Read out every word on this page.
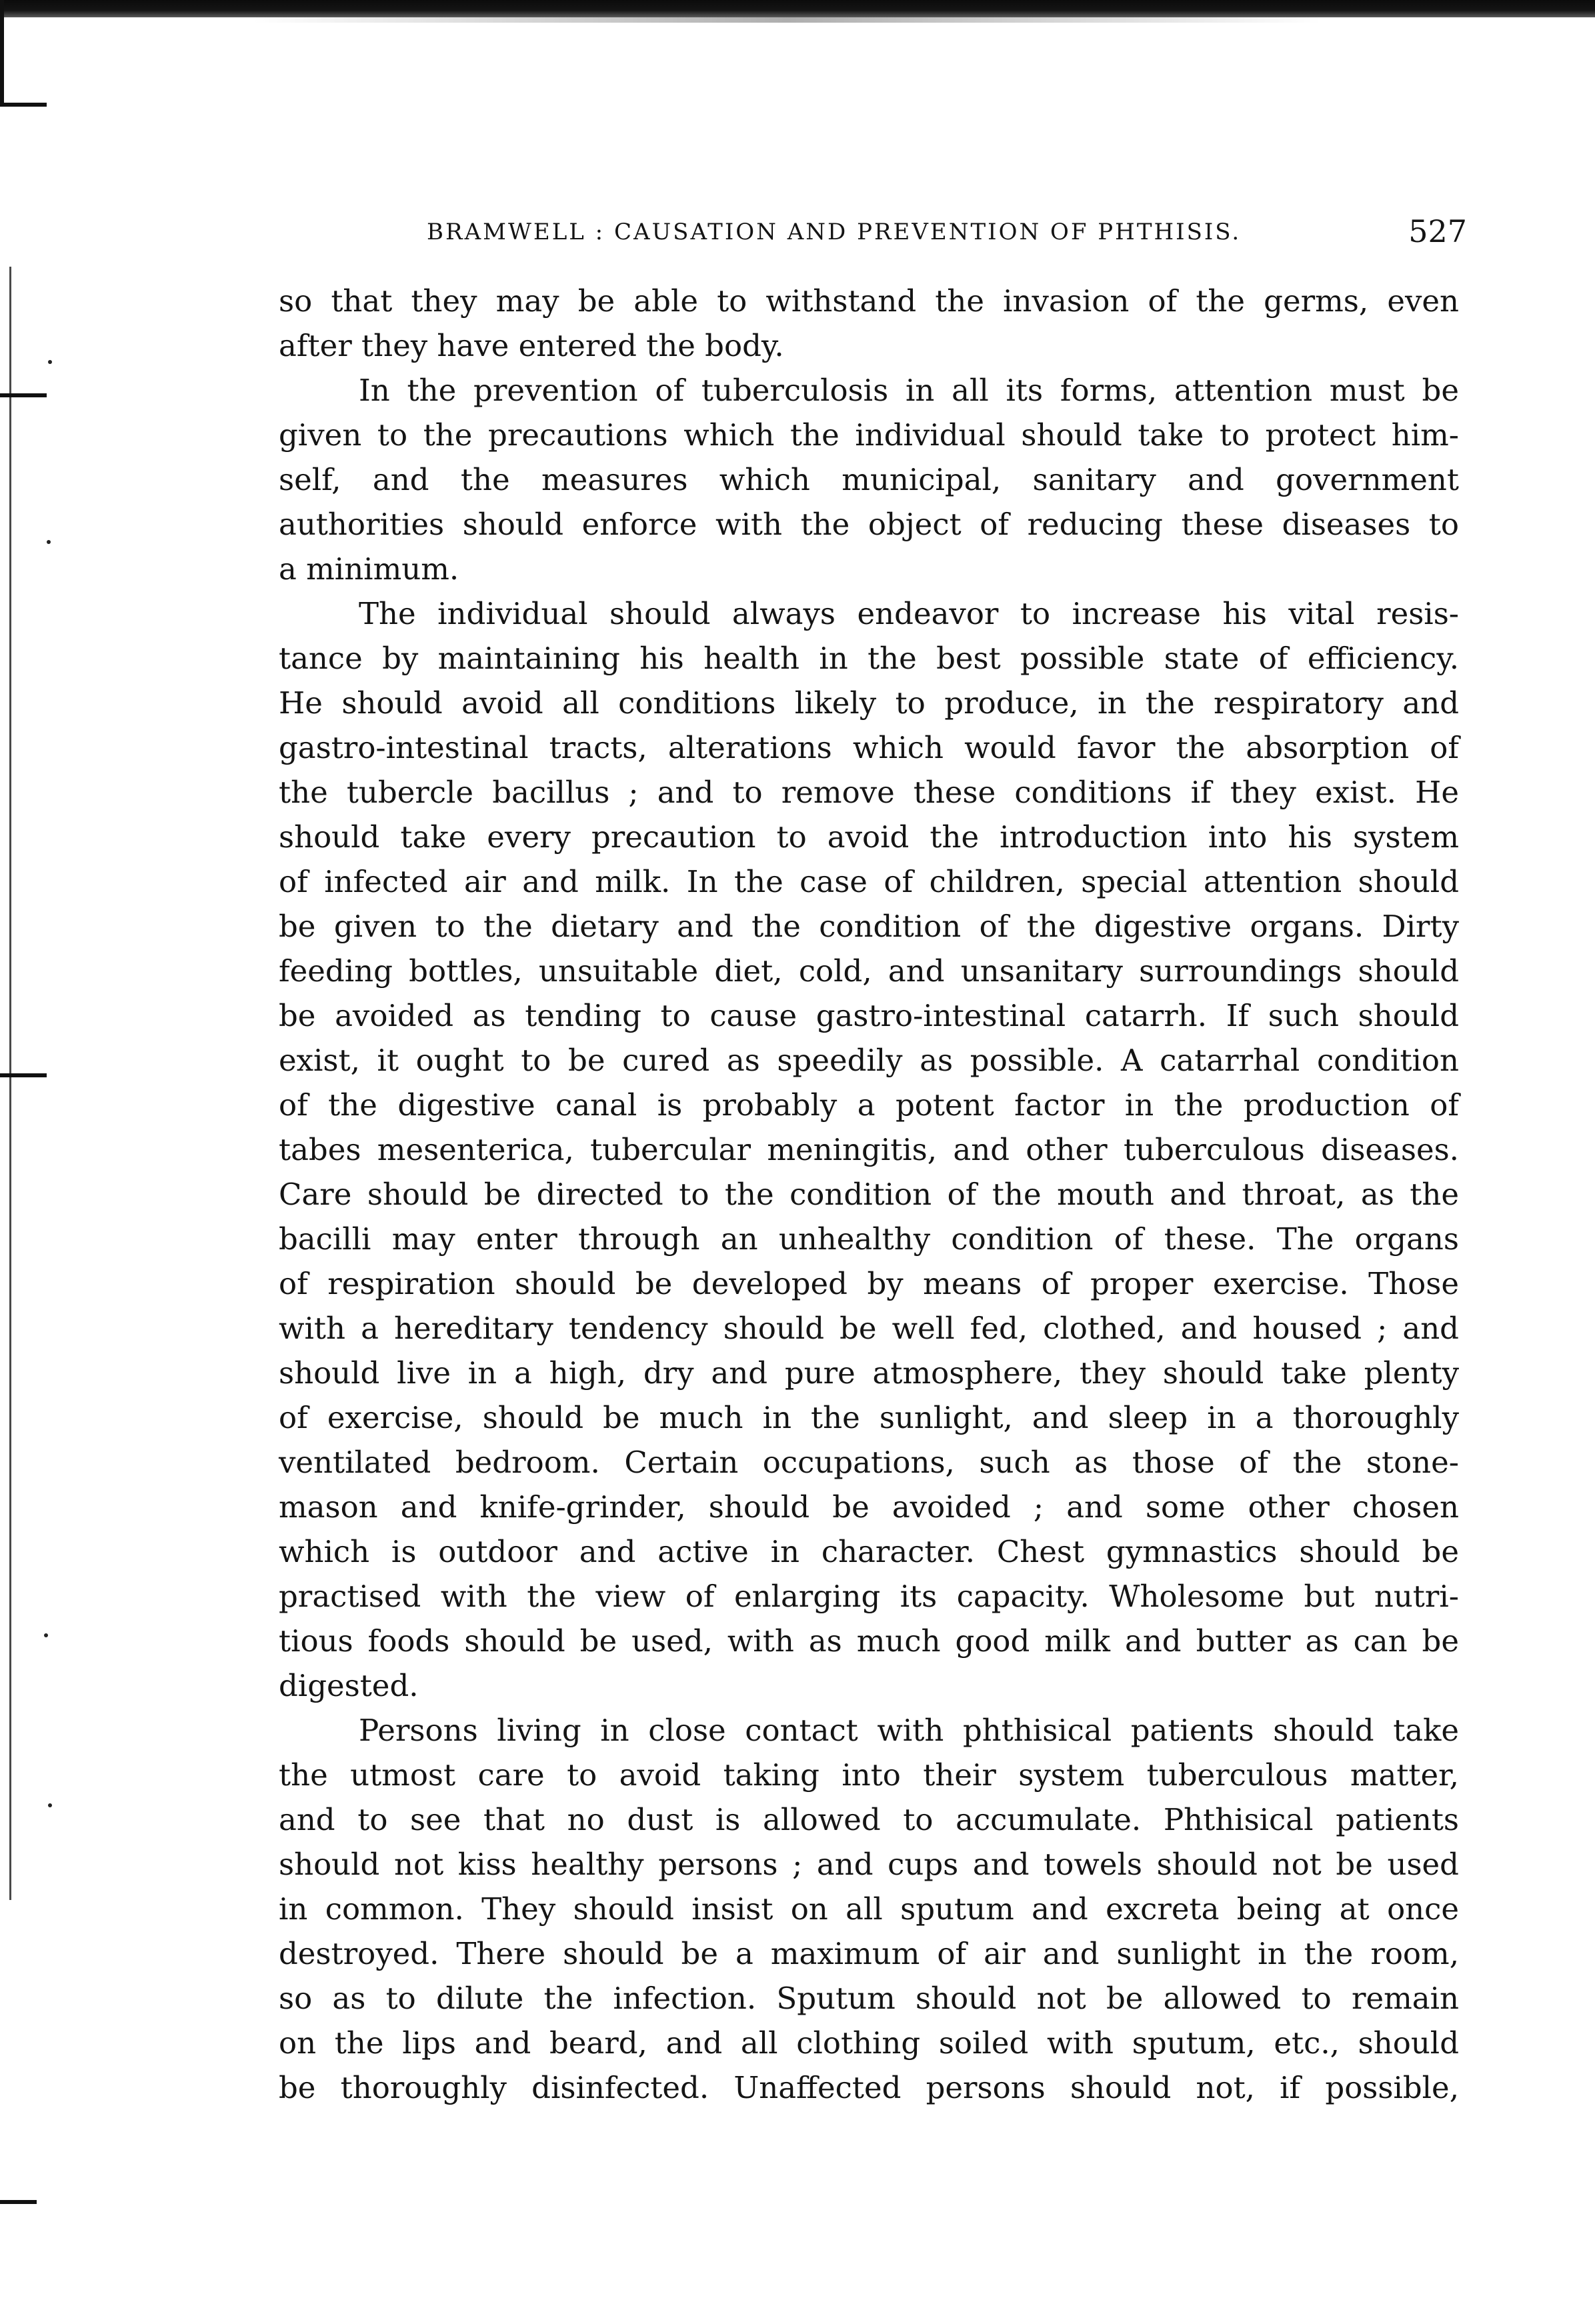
BRAMWELL : CAUSATION AND PREVENTION OF PHTHISIS.	527
so that they may be able to withstand the invasion of the germs, even
after they have entered the body.
In the prevention of tuberculosis in all its forms, attention must be
given to the precautions which the individual should take to protect him-
self, and the measures which municipal, sanitary and government
authorities should enforce with the object of reducing these diseases to
a minimum.
The individual should always endeavor to increase his vital resis-
tance by maintaining his health in the best possible state of efficiency.
He should avoid all conditions likely to produce, in the respiratory and
gastro-intestinal tracts, alterations which would favor the absorption of
the tubercle bacillus ; and to remove these conditions if they exist. He
should take every precaution to avoid the introduction into his system
of infected air and milk. In the case of children, special attention should
be given to the dietary and the condition of the digestive organs. Dirty
feeding bottles, unsuitable diet, cold, and unsanitary surroundings should
be avoided as tending to cause gastro-intestinal catarrh. If such should
exist, it ought to be cured as speedily as possible. A catarrhal condition
of the digestive canal is probably a potent factor in the production of
tabes mesenterica, tubercular meningitis, and other tuberculous diseases.
Care should be directed to the condition of the mouth and throat, as the
bacilli may enter through an unhealthy condition of these. The organs
of respiration should be developed by means of proper exercise. Those
with a hereditary tendency should be well fed, clothed, and housed ; and
should live in a high, dry and pure atmosphere, they should take plenty
of exercise, should be much in the sunlight, and sleep in a thoroughly
ventilated bedroom. Certain occupations, such as those of the stone-
mason and knife-grinder, should be avoided ; and some other chosen
which is outdoor and active in character. Chest gymnastics should be
practised with the view of enlarging its capacity. Wholesome but nutri-
tious foods should be used, with as much good milk and butter as can be
digested.
Persons living in close contact with phthisical patients should take
the utmost care to avoid taking into their system tuberculous matter,
and to see that no dust is allowed to accumulate. Phthisical patients
should not kiss healthy persons ; and cups and towels should not be used
in common. They should insist on all sputum and excreta being at once
destroyed. There should be a maximum of air and sunlight in the room,
so as to dilute the infection. Sputum should not be allowed to remain
on the lips and beard, and all clothing soiled with sputum, etc., should
be thoroughly disinfected. Unaffected persons should not, if possible,
